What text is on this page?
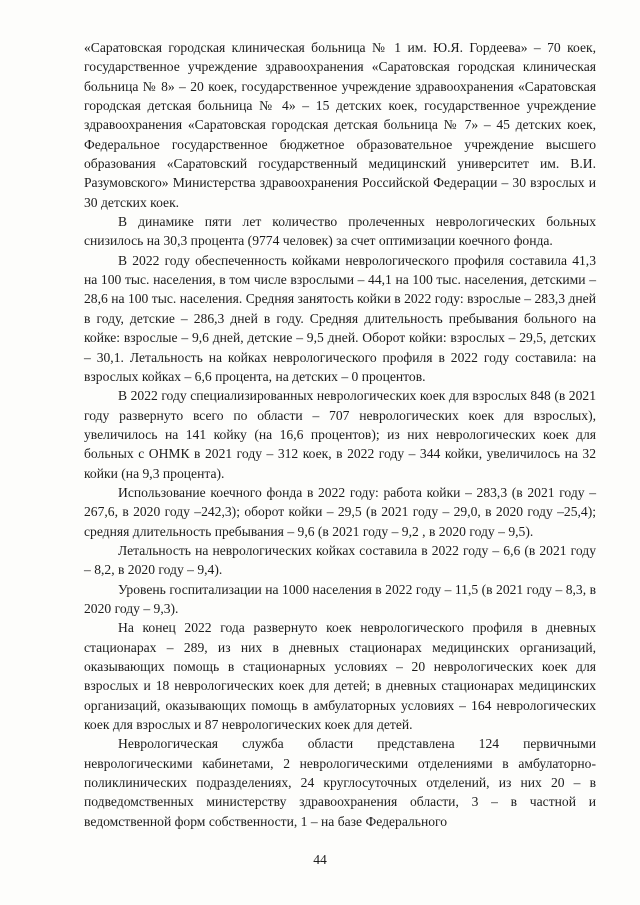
«Саратовская городская клиническая больница № 1 им. Ю.Я. Гордеева» – 70 коек, государственное учреждение здравоохранения «Саратовская городская клиническая больница № 8» – 20 коек, государственное учреждение здравоохранения «Саратовская городская детская больница № 4» – 15 детских коек, государственное учреждение здравоохранения «Саратовская городская детская больница № 7» – 45 детских коек, Федеральное государственное бюджетное образовательное учреждение высшего образования «Саратовский государственный медицинский университет им. В.И. Разумовского» Министерства здравоохранения Российской Федерации – 30 взрослых и 30 детских коек.

В динамике пяти лет количество пролеченных неврологических больных снизилось на 30,3 процента (9774 человек) за счет оптимизации коечного фонда.

В 2022 году обеспеченность койками неврологического профиля составила 41,3 на 100 тыс. населения, в том числе взрослыми – 44,1 на 100 тыс. населения, детскими – 28,6 на 100 тыс. населения. Средняя занятость койки в 2022 году: взрослые – 283,3 дней в году, детские – 286,3 дней в году. Средняя длительность пребывания больного на койке: взрослые – 9,6 дней, детские – 9,5 дней. Оборот койки: взрослых – 29,5, детских – 30,1. Летальность на койках неврологического профиля в 2022 году составила: на взрослых койках – 6,6 процента, на детских – 0 процентов.

В 2022 году специализированных неврологических коек для взрослых 848 (в 2021 году развернуто всего по области – 707 неврологических коек для взрослых), увеличилось на 141 койку (на 16,6 процентов); из них неврологических коек для больных с ОНМК в 2021 году – 312 коек, в 2022 году – 344 койки, увеличилось на 32 койки (на 9,3 процента).

Использование коечного фонда в 2022 году: работа койки – 283,3 (в 2021 году – 267,6, в 2020 году –242,3); оборот койки – 29,5 (в 2021 году – 29,0, в 2020 году –25,4); средняя длительность пребывания – 9,6 (в 2021 году – 9,2 , в 2020 году – 9,5).

Летальность на неврологических койках составила в 2022 году – 6,6 (в 2021 году – 8,2, в 2020 году – 9,4).

Уровень госпитализации на 1000 населения в 2022 году – 11,5 (в 2021 году – 8,3, в 2020 году – 9,3).

На конец 2022 года развернуто коек неврологического профиля в дневных стационарах – 289, из них в дневных стационарах медицинских организаций, оказывающих помощь в стационарных условиях – 20 неврологических коек для взрослых и 18 неврологических коек для детей; в дневных стационарах медицинских организаций, оказывающих помощь в амбулаторных условиях – 164 неврологических коек для взрослых и 87 неврологических коек для детей.

Неврологическая служба области представлена 124 первичными неврологическими кабинетами, 2 неврологическими отделениями в амбулаторно-поликлинических подразделениях, 24 круглосуточных отделений, из них 20 – в подведомственных министерству здравоохранения области, 3 – в частной и ведомственной форм собственности, 1 – на базе Федерального

44
